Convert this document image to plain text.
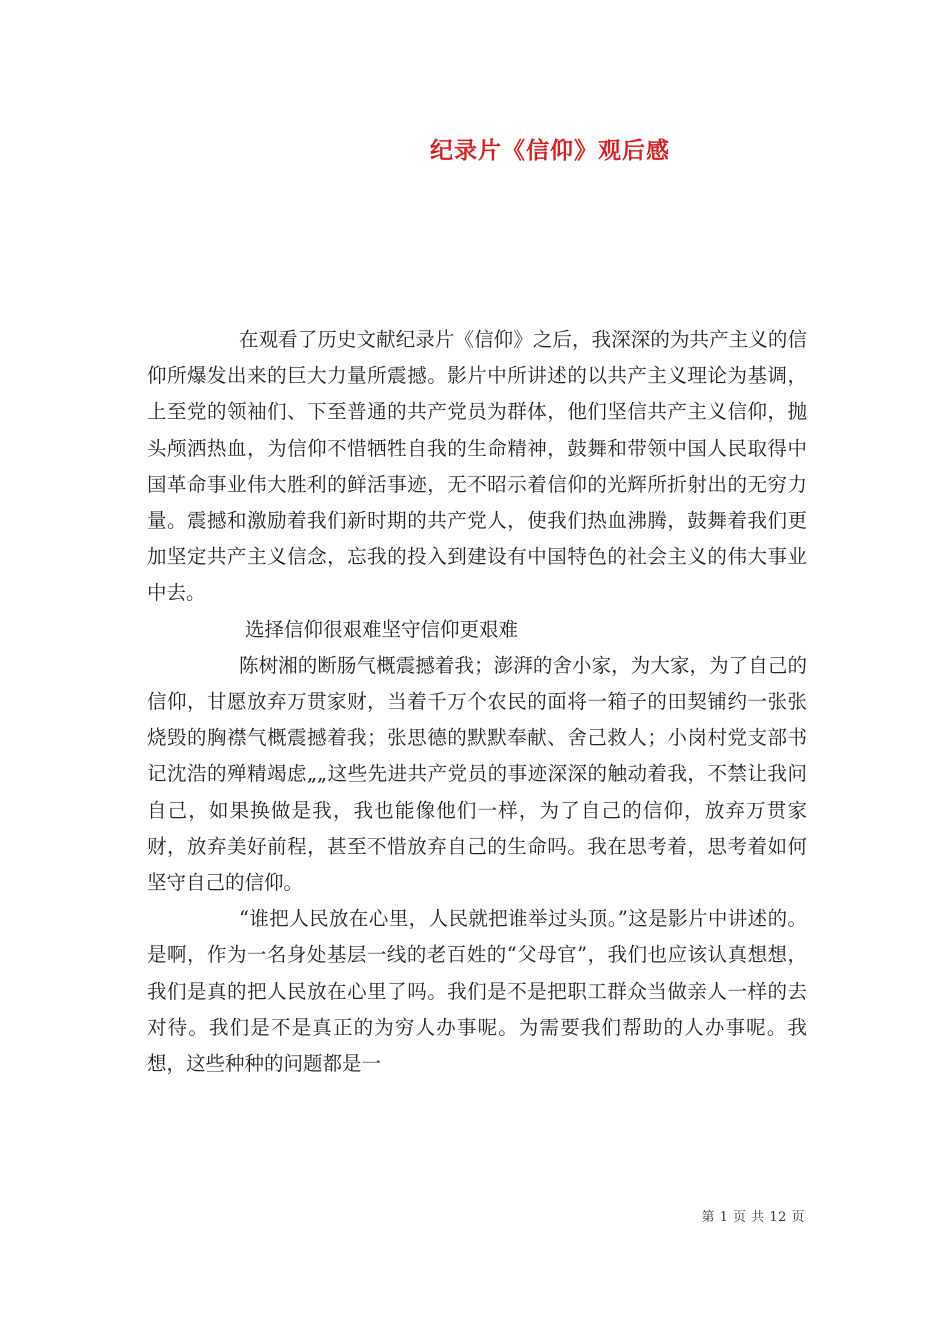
纪录片《信仰》观后感

在观看了历史文献纪录片《信仰》之后，我深深的为共产主义的信仰所爆发出来的巨大力量所震撼。影片中所讲述的以共产主义理论为基调，上至党的领袖们、下至普通的共产党员为群体，他们坚信共产主义信仰，抛头颅洒热血，为信仰不惜牺牲自我的生命精神，鼓舞和带领中国人民取得中国革命事业伟大胜利的鲜活事迹，无不昭示着信仰的光辉所折射出的无穷力量。震撼和激励着我们新时期的共产党人，使我们热血沸腾，鼓舞着我们更加坚定共产主义信念，忘我的投入到建设有中国特色的社会主义的伟大事业中去。

选择信仰很艰难坚守信仰更艰难

陈树湘的断肠气概震撼着我；澎湃的舍小家，为大家，为了自己的信仰，甘愿放弃万贯家财，当着千万个农民的面将一箱子的田契铺约一张张烧毁的胸襟气概震撼着我；张思德的默默奉献、舍己救人；小岗村党支部书记沈浩的殚精竭虑„„这些先进共产党员的事迹深深的触动着我，不禁让我问自己，如果换做是我，我也能像他们一样，为了自己的信仰，放弃万贯家财，放弃美好前程，甚至不惜放弃自己的生命吗。我在思考着，思考着如何坚守自己的信仰。

“谁把人民放在心里，人民就把谁举过头顶。”这是影片中讲述的。是啊，作为一名身处基层一线的老百姓的“父母官”，我们也应该认真想想，我们是真的把人民放在心里了吗。我们是不是把职工群众当做亲人一样的去对待。我们是不是真正的为穷人办事呢。为需要我们帮助的人办事呢。我想，这些种种的问题都是一

第 1 页 共 12 页
